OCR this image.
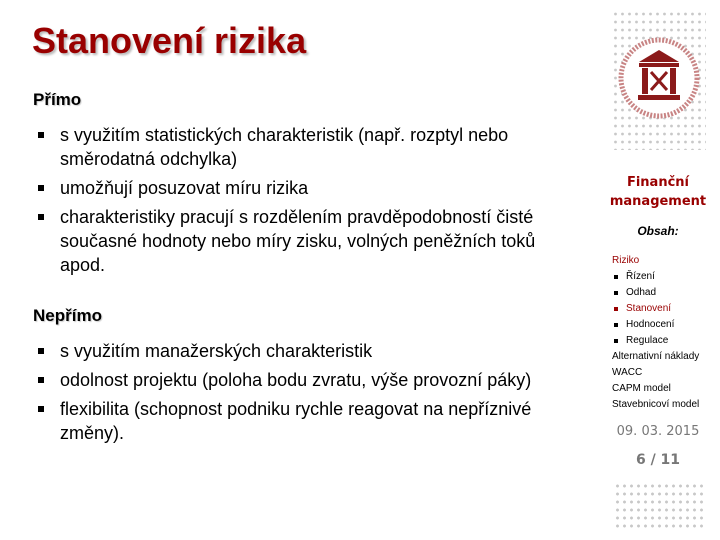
Stanovení rizika
Přímo
s využitím statistických charakteristik (např. rozptyl nebo směrodatná odchylka)
umožňují posuzovat míru rizika
charakteristiky pracují s rozdělením pravděpodobností čisté současné hodnoty nebo míry zisku, volných peněžních toků apod.
Nepřímo
s využitím manažerských charakteristik
odolnost projektu (poloha bodu zvratu, výše provozní páky)
flexibilita (schopnost podniku rychle reagovat na nepříznivé změny).
Finanční
management
Obsah:
Riziko
Řízení
Odhad
Stanovení
Hodnocení
Regulace
Alternativní náklady
WACC
CAPM model
Stavebnicoví model
09. 03. 2015
6 / 11
